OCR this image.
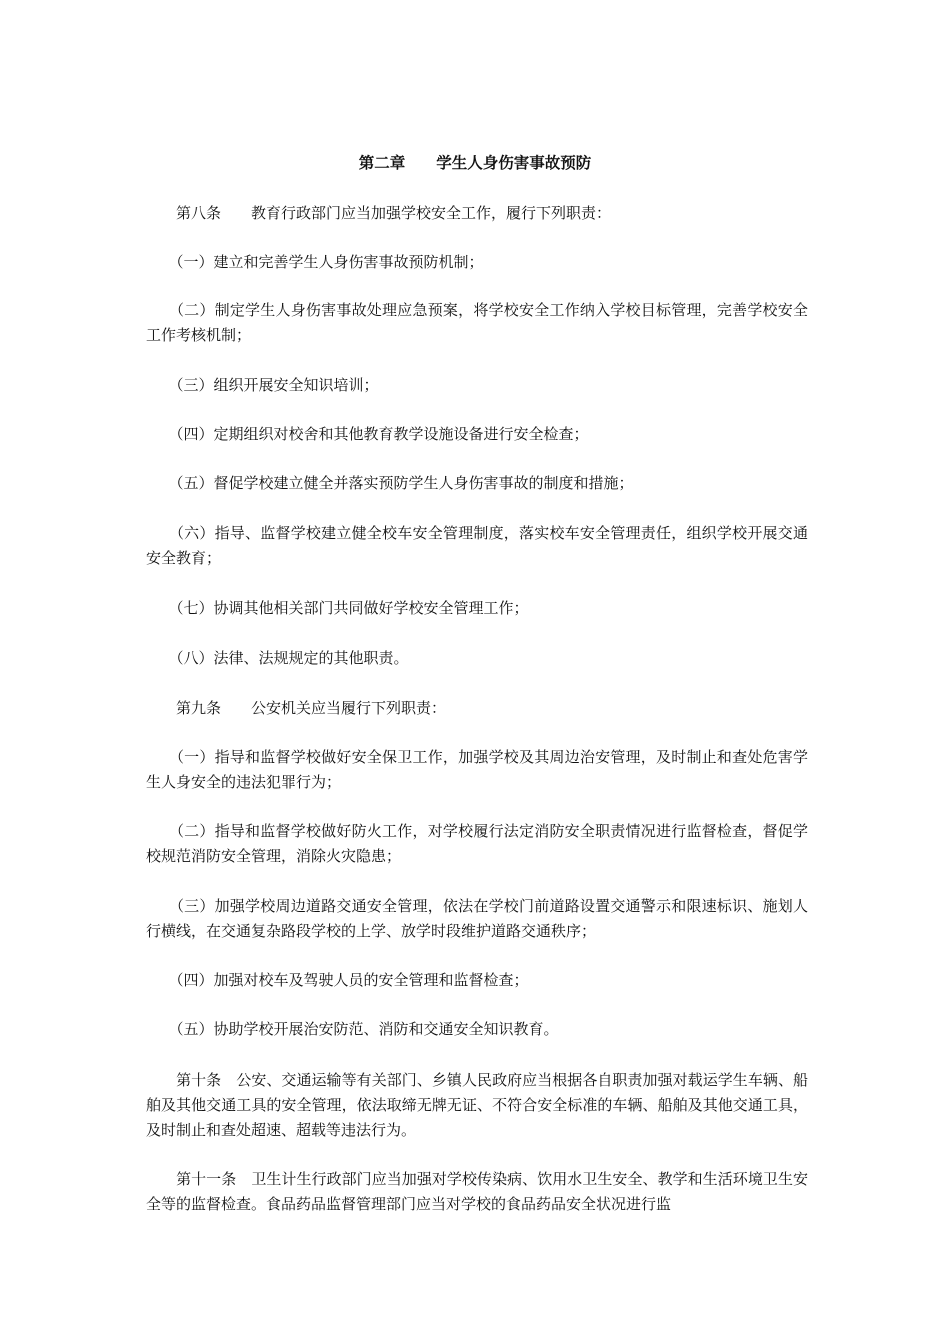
第二章　　学生人身伤害事故预防
　　第八条　　教育行政部门应当加强学校安全工作，履行下列职责：
　　（一）建立和完善学生人身伤害事故预防机制；
　　（二）制定学生人身伤害事故处理应急预案，将学校安全工作纳入学校目标管理，完善学校安全工作考核机制；
　　（三）组织开展安全知识培训；
　　（四）定期组织对校舍和其他教育教学设施设备进行安全检查；
　　（五）督促学校建立健全并落实预防学生人身伤害事故的制度和措施；
　　（六）指导、监督学校建立健全校车安全管理制度，落实校车安全管理责任，组织学校开展交通安全教育；
　　（七）协调其他相关部门共同做好学校安全管理工作；
　　（八）法律、法规规定的其他职责。
　　第九条　　公安机关应当履行下列职责：
　　（一）指导和监督学校做好安全保卫工作，加强学校及其周边治安管理，及时制止和查处危害学生人身安全的违法犯罪行为；
　　（二）指导和监督学校做好防火工作，对学校履行法定消防安全职责情况进行监督检查，督促学校规范消防安全管理，消除火灾隐患；
　　（三）加强学校周边道路交通安全管理，依法在学校门前道路设置交通警示和限速标识、施划人行横线，在交通复杂路段学校的上学、放学时段维护道路交通秩序；
　　（四）加强对校车及驾驶人员的安全管理和监督检查；
　　（五）协助学校开展治安防范、消防和交通安全知识教育。
　　第十条　公安、交通运输等有关部门、乡镇人民政府应当根据各自职责加强对载运学生车辆、船舶及其他交通工具的安全管理，依法取缔无牌无证、不符合安全标准的车辆、船舶及其他交通工具，及时制止和查处超速、超载等违法行为。
　　第十一条　卫生计生行政部门应当加强对学校传染病、饮用水卫生安全、教学和生活环境卫生安全等的监督检查。食品药品监督管理部门应当对学校的食品药品安全状况进行监
